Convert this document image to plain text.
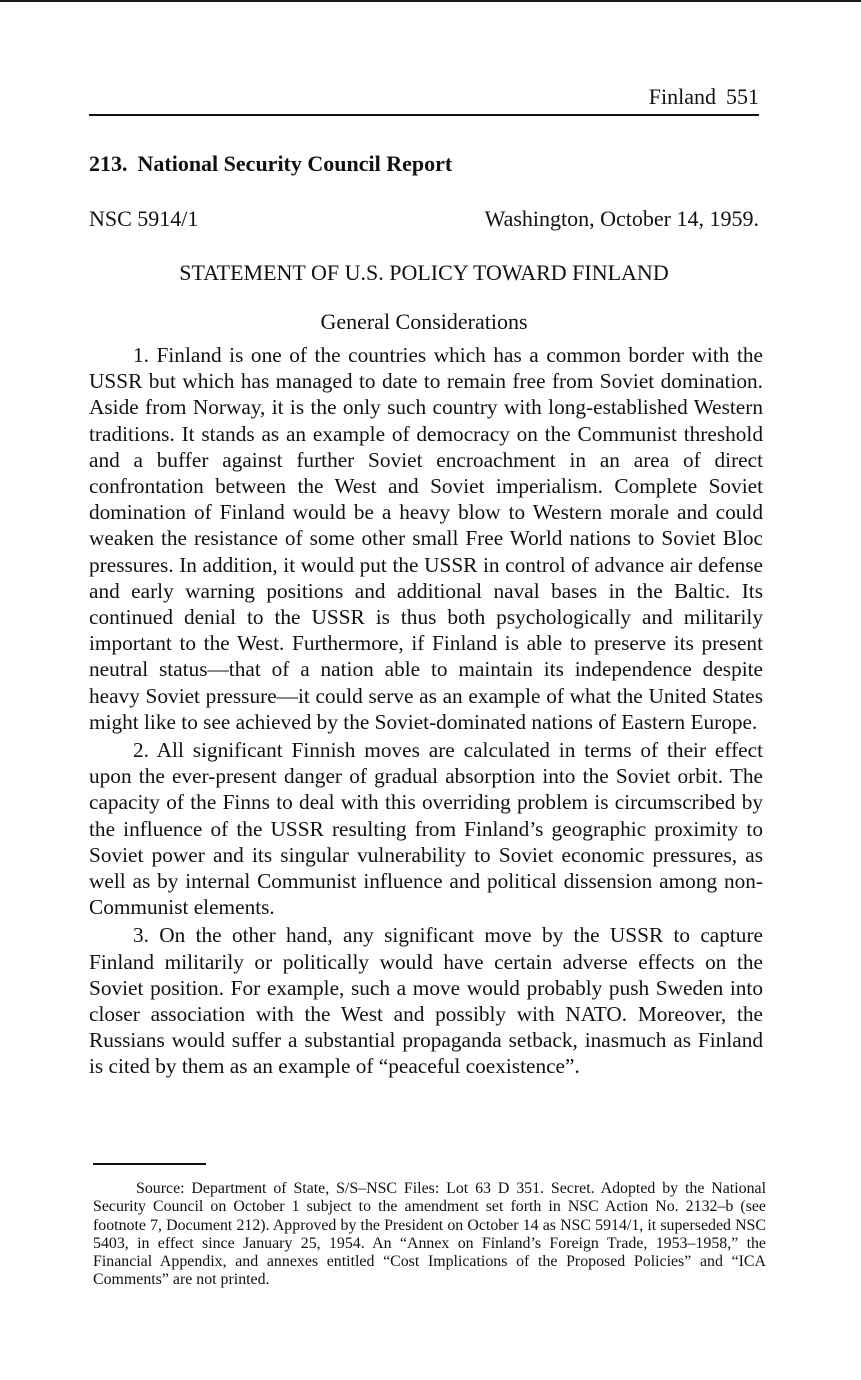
Finland 551
213. National Security Council Report
NSC 5914/1	Washington, October 14, 1959.
STATEMENT OF U.S. POLICY TOWARD FINLAND
General Considerations

1. Finland is one of the countries which has a common border with the USSR but which has managed to date to remain free from Soviet domination. Aside from Norway, it is the only such country with long-established Western traditions. It stands as an example of democracy on the Communist threshold and a buffer against further Soviet encroachment in an area of direct confrontation between the West and Soviet imperialism. Complete Soviet domination of Finland would be a heavy blow to Western morale and could weaken the resistance of some other small Free World nations to Soviet Bloc pressures. In addition, it would put the USSR in control of advance air defense and early warning positions and additional naval bases in the Baltic. Its continued denial to the USSR is thus both psychologically and militarily important to the West. Furthermore, if Finland is able to preserve its present neutral status—that of a nation able to maintain its independence despite heavy Soviet pressure—it could serve as an example of what the United States might like to see achieved by the Soviet-dominated nations of Eastern Europe.

2. All significant Finnish moves are calculated in terms of their effect upon the ever-present danger of gradual absorption into the Soviet orbit. The capacity of the Finns to deal with this overriding problem is circumscribed by the influence of the USSR resulting from Finland’s geographic proximity to Soviet power and its singular vulnerability to Soviet economic pressures, as well as by internal Communist influence and political dissension among non-Communist elements.

3. On the other hand, any significant move by the USSR to capture Finland militarily or politically would have certain adverse effects on the Soviet position. For example, such a move would probably push Sweden into closer association with the West and possibly with NATO. Moreover, the Russians would suffer a substantial propaganda setback, inasmuch as Finland is cited by them as an example of “peaceful coexistence”.

Source: Department of State, S/S–NSC Files: Lot 63 D 351. Secret. Adopted by the National Security Council on October 1 subject to the amendment set forth in NSC Action No. 2132–b (see footnote 7, Document 212). Approved by the President on October 14 as NSC 5914/1, it superseded NSC 5403, in effect since January 25, 1954. An “Annex on Finland’s Foreign Trade, 1953–1958,” the Financial Appendix, and annexes entitled “Cost Implications of the Proposed Policies” and “ICA Comments” are not printed.
